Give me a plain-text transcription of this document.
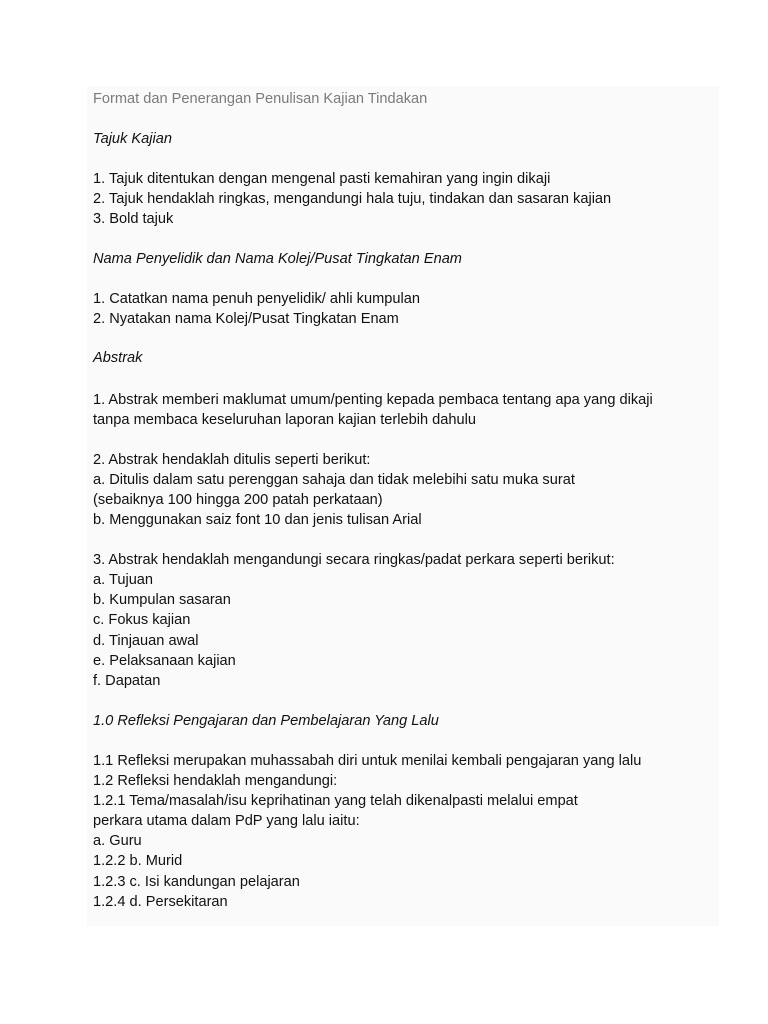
Format dan Penerangan Penulisan Kajian Tindakan
Tajuk Kajian
1. Tajuk ditentukan dengan mengenal pasti kemahiran yang ingin dikaji
2. Tajuk hendaklah ringkas, mengandungi hala tuju, tindakan dan sasaran kajian
3. Bold tajuk
Nama Penyelidik dan Nama Kolej/Pusat Tingkatan Enam
1. Catatkan nama penuh penyelidik/ ahli kumpulan
2. Nyatakan nama Kolej/Pusat Tingkatan Enam
Abstrak
1. Abstrak memberi maklumat umum/penting kepada pembaca tentang apa yang dikaji
tanpa membaca keseluruhan laporan kajian terlebih dahulu
2. Abstrak hendaklah ditulis seperti berikut:
a. Ditulis dalam satu perenggan sahaja dan tidak melebihi satu muka surat
(sebaiknya 100 hingga 200 patah perkataan)
b. Menggunakan saiz font 10 dan jenis tulisan Arial
3. Abstrak hendaklah mengandungi secara ringkas/padat perkara seperti berikut:
a. Tujuan
b. Kumpulan sasaran
c. Fokus kajian
d. Tinjauan awal
e. Pelaksanaan kajian
f. Dapatan
1.0 Refleksi Pengajaran dan Pembelajaran Yang Lalu
1.1 Refleksi merupakan muhassabah diri untuk menilai kembali pengajaran yang lalu
1.2 Refleksi hendaklah mengandungi:
1.2.1 Tema/masalah/isu keprihatinan yang telah dikenalpasti melalui empat
perkara utama dalam PdP yang lalu iaitu:
a. Guru
1.2.2 b. Murid
1.2.3 c. Isi kandungan pelajaran
1.2.4 d. Persekitaran
